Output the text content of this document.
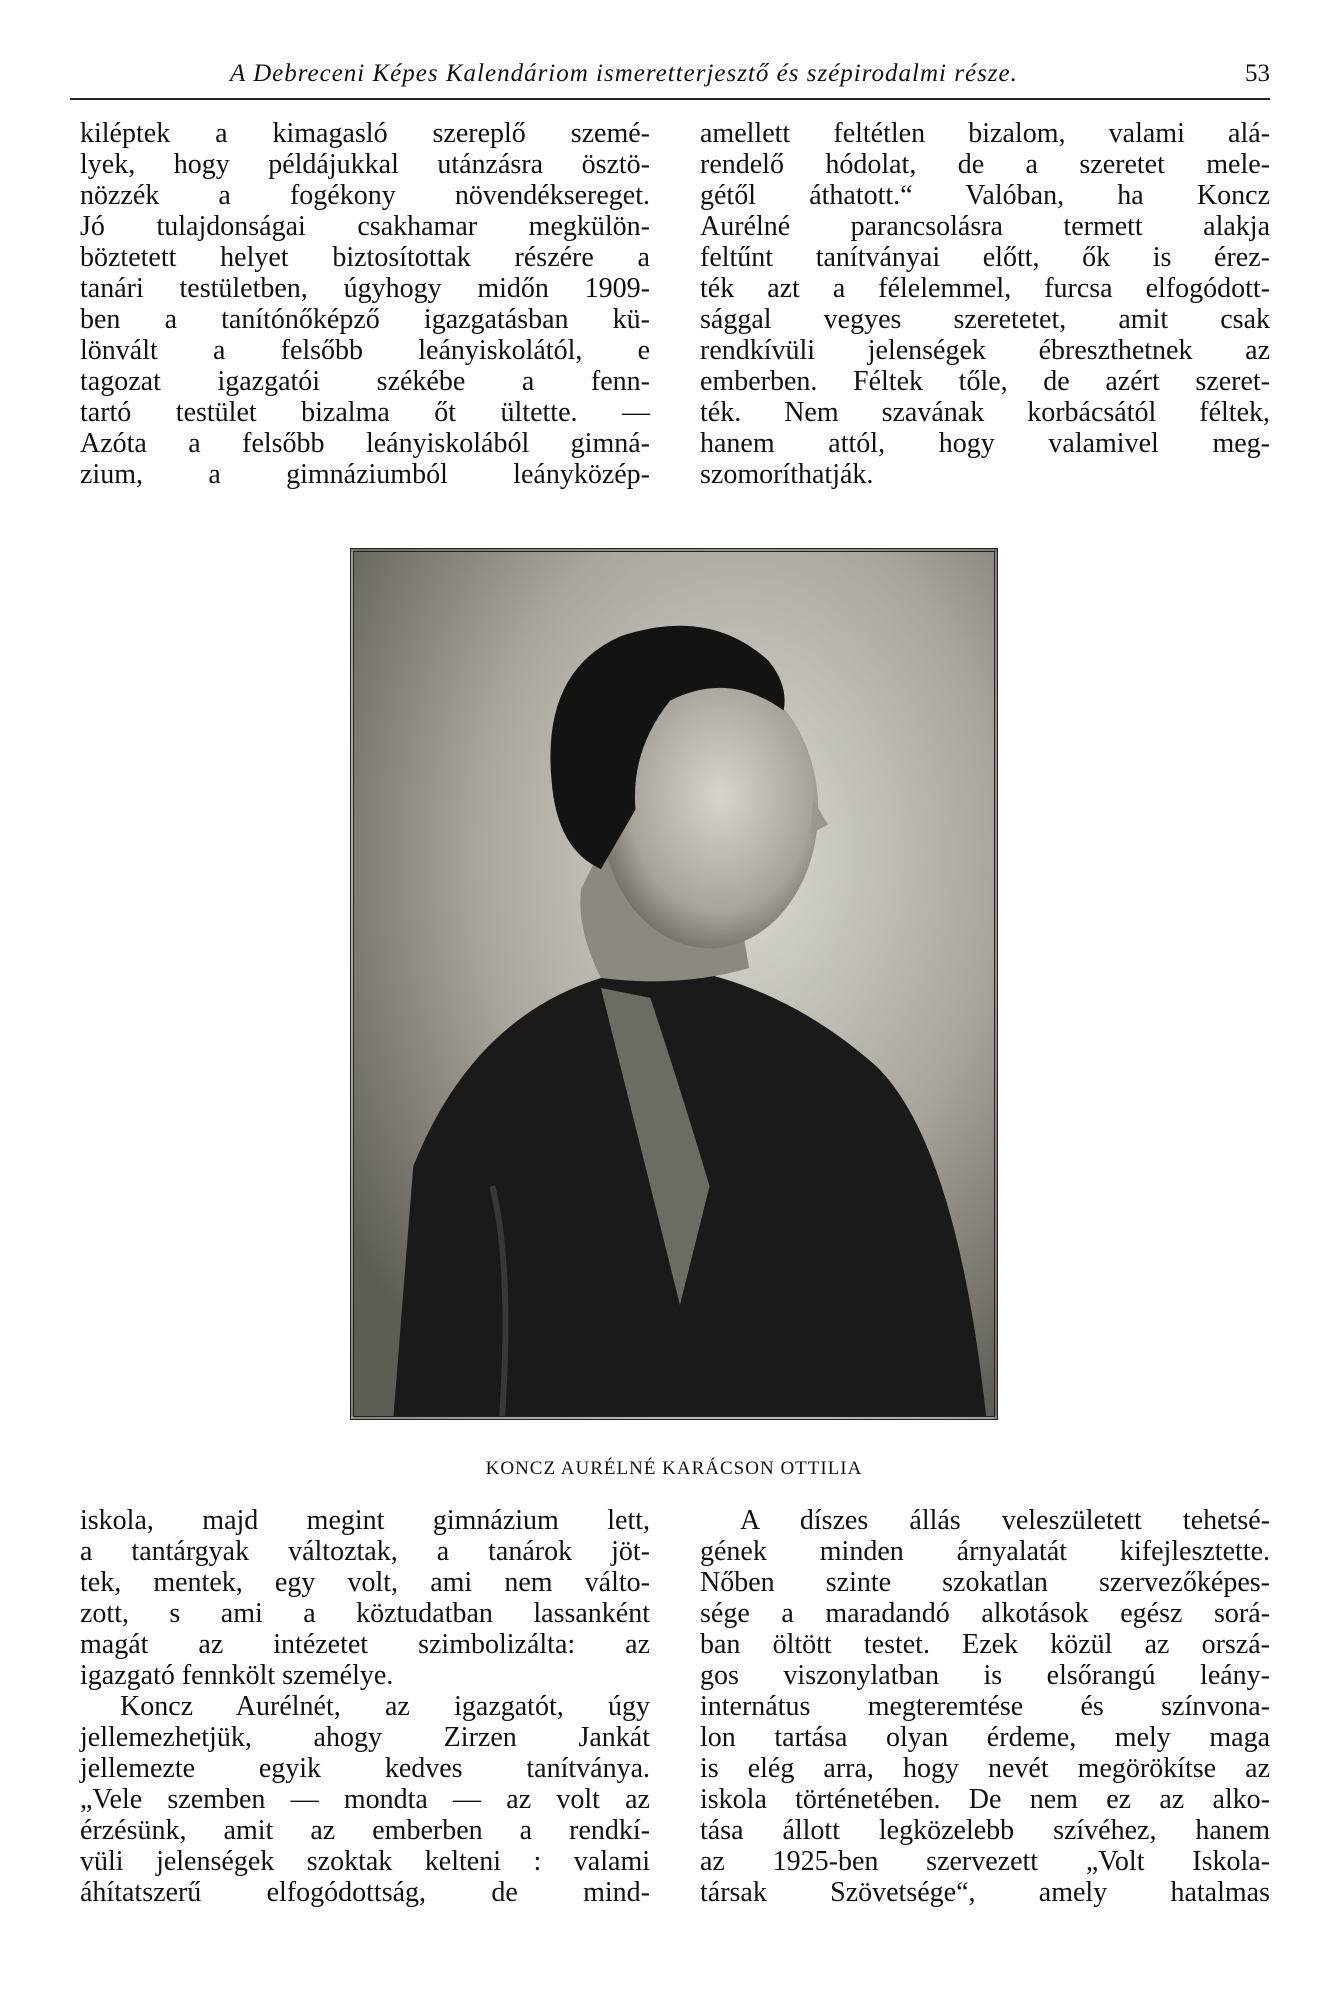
A Debreceni Képes Kalendáriom ismeretterjesztő és szépirodalmi része.	53
kiléptek a kimagasló szereplő szemé-
lyek, hogy példájukkal utánzásra ösztö-
nözzék a fogékony növendéksereget.
Jó tulajdonságai csakhamar megkülön-
böztetett helyet biztosítottak részére a
tanári testületben, úgyhogy midőn 1909-
ben a tanítónőképző igazgatásban kü-
lönvált a felsőbb leányiskolától, e
tagozat igazgatói székébe a fenn-
tartó testület bizalma őt ültette. —
Azóta a felsőbb leányiskolából gimná-
zium, a gimnáziumból leányközép-
amellett feltétlen bizalom, valami alá-
rendelő hódolat, de a szeretet mele-
gétől áthatott.“ Valóban, ha Koncz
Aurélné parancsolásra termett alakja
feltűnt tanítványai előtt, ők is érez-
ték azt a félelemmel, furcsa elfogódott-
sággal vegyes szeretetet, amit csak
rendkívüli jelenségek ébreszthetnek az
emberben. Féltek tőle, de azért szeret-
ték. Nem szavának korbácsától féltek,
hanem attól, hogy valamivel meg-
szomoríthatják.
KONCZ AURÉLNÉ KARÁCSON OTTILIA
iskola, majd megint gimnázium lett,
a tantárgyak változtak, a tanárok jöt-
tek, mentek, egy volt, ami nem válto-
zott, s ami a köztudatban lassanként
magát az intézetet szimbolizálta: az
igazgató fennkölt személye.
Koncz Aurélnét, az igazgatót, úgy
jellemezhetjük, ahogy Zirzen Jankát
jellemezte egyik kedves tanítványa.
„Vele szemben — mondta — az volt az
érzésünk, amit az emberben a rendkí-
vüli jelenségek szoktak kelteni : valami
áhítatszerű elfogódottság, de mind-
A díszes állás veleszületett tehetsé-
gének minden árnyalatát kifejlesztette.
Nőben szinte szokatlan szervezőképes-
sége a maradandó alkotások egész sorá-
ban öltött testet. Ezek közül az orszá-
gos viszonylatban is elsőrangú leány-
internátus megteremtése és színvona-
lon tartása olyan érdeme, mely maga
is elég arra, hogy nevét megörökítse az
iskola történetében. De nem ez az alko-
tása állott legközelebb szívéhez, hanem
az 1925-ben szervezett „Volt Iskola-
társak Szövetsége“, amely hatalmas
